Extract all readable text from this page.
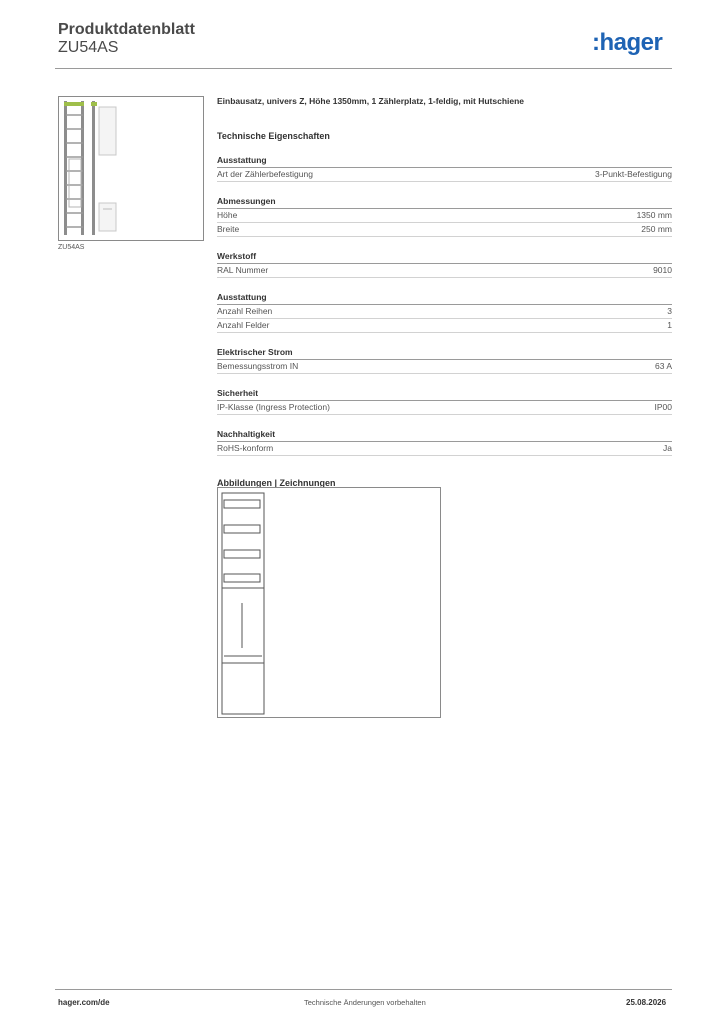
Produktdatenblatt
ZU54AS	:hager
ZU54AS
Einbausatz, univers Z, Höhe 1350mm, 1 Zählerplatz, 1-feldig, mit Hutschiene
Technische Eigenschaften
Ausstattung
Art der Zählerbefestigung	3-Punkt-Befestigung
Abmessungen
Höhe	1350 mm
Breite	250 mm
Werkstoff
RAL Nummer	9010
Ausstattung
Anzahl Reihen	3
Anzahl Felder	1
Elektrischer Strom
Bemessungsstrom IN	63 A
Sicherheit
IP-Klasse (Ingress Protection)	IP00
Nachhaltigkeit
RoHS-konform	Ja
Abbildungen | Zeichnungen
hager.com/de	Technische Änderungen vorbehalten	25.08.2026
